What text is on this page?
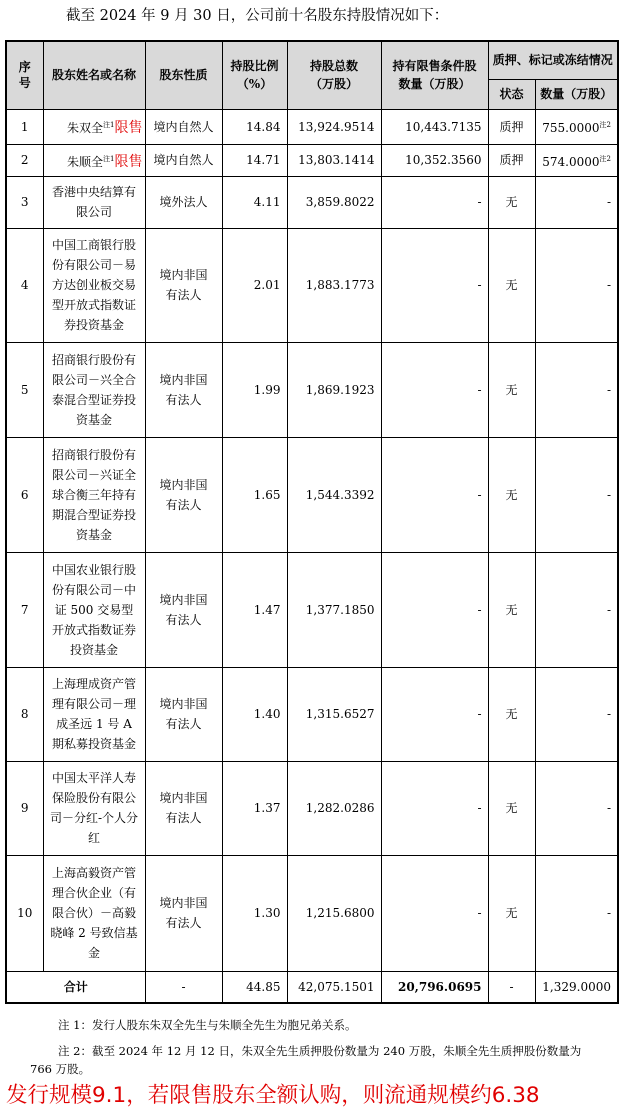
截至 2024 年 9 月 30 日，公司前十名股东持股情况如下：
序号	股东姓名或名称	股东性质	持股比例（%）	持股总数（万股）	持有限售条件股数量（万股）	质押、标记或冻结情况	
						状态	数量（万股）
1	朱双全$^{注1}$限售	境内自然人	14.84	13,924.9514	10,443.7135	质押	755.0000$^{注2}$
2	朱顺全$^{注1}$限售	境内自然人	14.71	13,803.1414	10,352.3560	质押	574.0000$^{注2}$
3	香港中央结算有限公司	境外法人	4.11	3,859.8022	-	无	-
4	中国工商银行股份有限公司－易方达创业板交易型开放式指数证券投资基金	境内非国有法人	2.01	1,883.1773	-	无	-
5	招商银行股份有限公司－兴全合泰混合型证券投资基金	境内非国有法人	1.99	1,869.1923	-	无	-
6	招商银行股份有限公司－兴证全球合衡三年持有期混合型证券投资基金	境内非国有法人	1.65	1,544.3392	-	无	-
7	中国农业银行股份有限公司－中证 500 交易型开放式指数证券投资基金	境内非国有法人	1.47	1,377.1850	-	无	-
8	上海理成资产管理有限公司－理成圣远 1 号 A 期私募投资基金	境内非国有法人	1.40	1,315.6527	-	无	-
9	中国太平洋人寿保险股份有限公司－分红-个人分红	境内非国有法人	1.37	1,282.0286	-	无	-
10	上海高毅资产管理合伙企业（有限合伙）－高毅晓峰 2 号致信基金	境内非国有法人	1.30	1,215.6800	-	无	-
合计		-	44.85	42,075.1501	20,796.0695	-	1,329.0000
注 1：发行人股东朱双全先生与朱顺全先生为胞兄弟关系。
注 2：截至 2024 年 12 月 12 日，朱双全先生质押股份数量为 240 万股，朱顺全先生质押股份数量为
766 万股。
发行规模9.1，若限售股东全额认购，则流通规模约6.38
